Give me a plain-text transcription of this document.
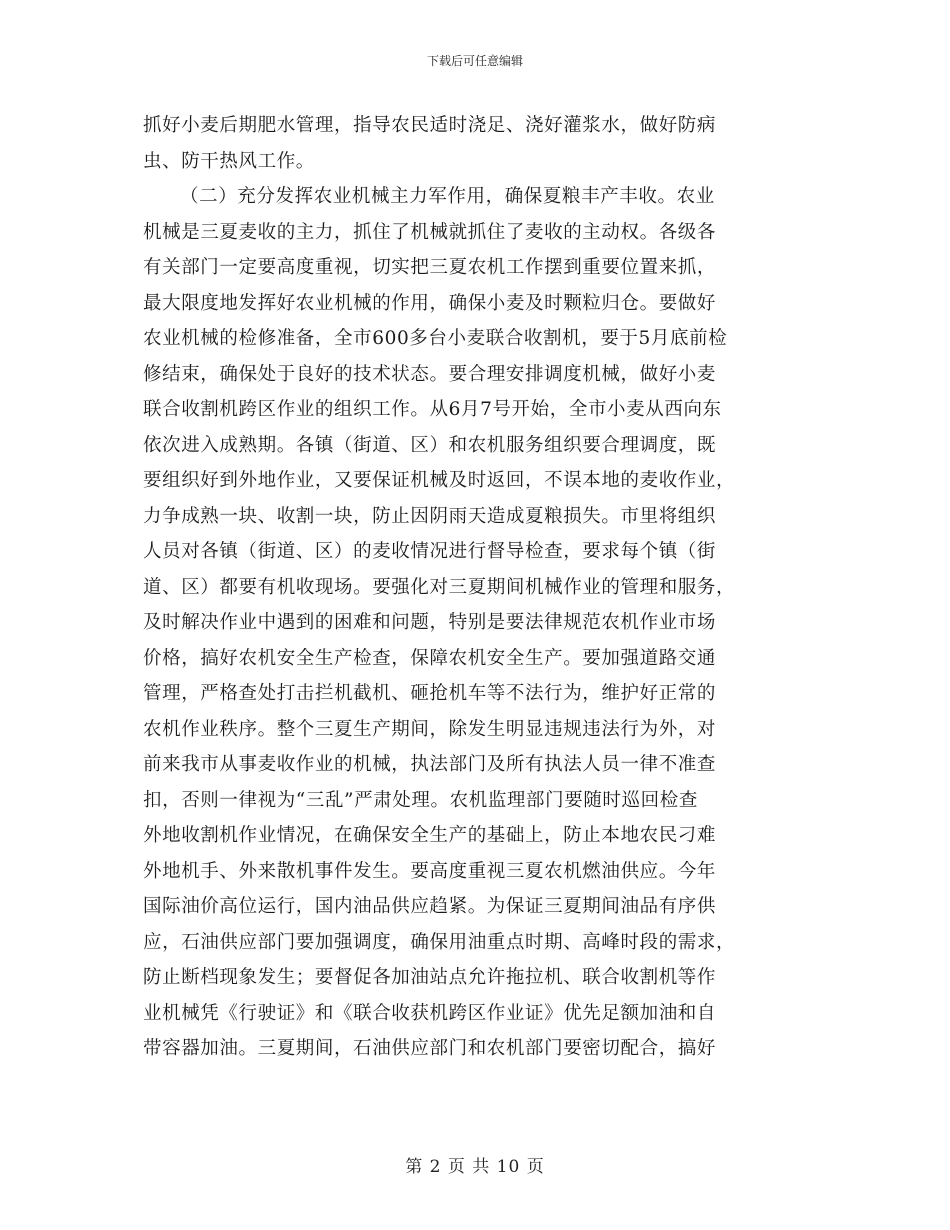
下载后可任意编辑
抓好小麦后期肥水管理，指导农民适时浇足、浇好灌浆水，做好防病
虫、防干热风工作。
（二）充分发挥农业机械主力军作用，确保夏粮丰产丰收。农业
机械是三夏麦收的主力，抓住了机械就抓住了麦收的主动权。各级各
有关部门一定要高度重视，切实把三夏农机工作摆到重要位置来抓，
最大限度地发挥好农业机械的作用，确保小麦及时颗粒归仓。要做好
农业机械的检修准备，全市600多台小麦联合收割机，要于5月底前检
修结束，确保处于良好的技术状态。要合理安排调度机械，做好小麦
联合收割机跨区作业的组织工作。从6月7号开始，全市小麦从西向东
依次进入成熟期。各镇（街道、区）和农机服务组织要合理调度，既
要组织好到外地作业，又要保证机械及时返回，不误本地的麦收作业，
力争成熟一块、收割一块，防止因阴雨天造成夏粮损失。市里将组织
人员对各镇（街道、区）的麦收情况进行督导检查，要求每个镇（街
道、区）都要有机收现场。要强化对三夏期间机械作业的管理和服务，
及时解决作业中遇到的困难和问题，特别是要法律规范农机作业市场
价格，搞好农机安全生产检查，保障农机安全生产。要加强道路交通
管理，严格查处打击拦机截机、砸抢机车等不法行为，维护好正常的
农机作业秩序。整个三夏生产期间，除发生明显违规违法行为外，对
前来我市从事麦收作业的机械，执法部门及所有执法人员一律不准查
扣，否则一律视为“三乱”严肃处理。农机监理部门要随时巡回检查
外地收割机作业情况，在确保安全生产的基础上，防止本地农民刁难
外地机手、外来散机事件发生。要高度重视三夏农机燃油供应。今年
国际油价高位运行，国内油品供应趋紧。为保证三夏期间油品有序供
应，石油供应部门要加强调度，确保用油重点时期、高峰时段的需求，
防止断档现象发生；要督促各加油站点允许拖拉机、联合收割机等作
业机械凭《行驶证》和《联合收获机跨区作业证》优先足额加油和自
带容器加油。三夏期间，石油供应部门和农机部门要密切配合，搞好
第 2 页 共 10 页
